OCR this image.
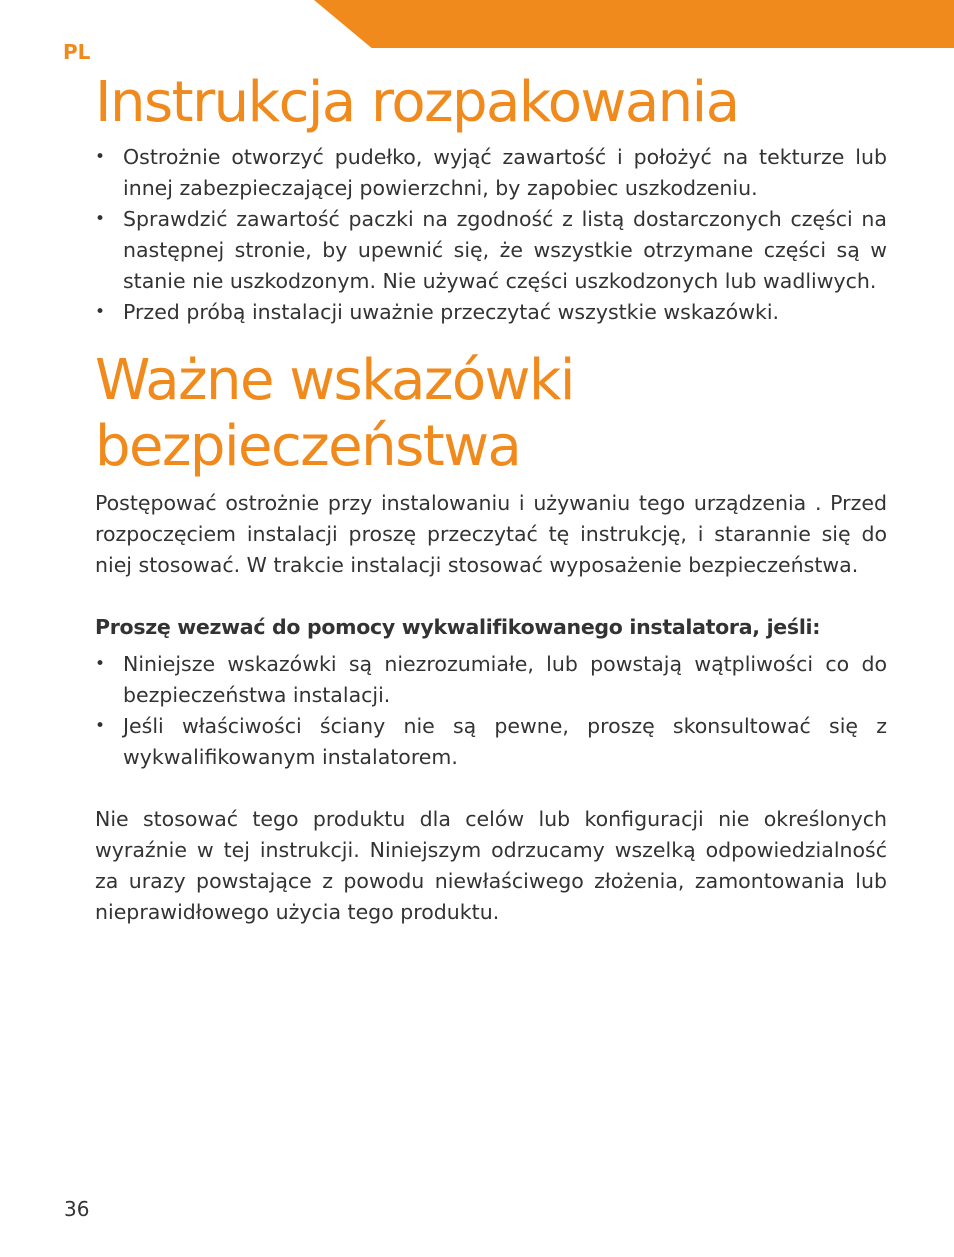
PL

Instrukcja rozpakowania
• Ostrożnie otworzyć pudełko, wyjąć zawartość i położyć na tekturze lub innej zabezpieczającej powierzchni, by zapobiec uszkodzeniu.
• Sprawdzić zawartość paczki na zgodność z listą dostarczonych części na następnej stronie, by upewnić się, że wszystkie otrzymane części są w stanie nie uszkodzonym. Nie używać części uszkodzonych lub wadliwych.
• Przed próbą instalacji uważnie przeczytać wszystkie wskazówki.
Ważne wskazówki
bezpieczeństwa

Postępować ostrożnie przy instalowaniu i używaniu tego urządzenia . Przed rozpoczęciem instalacji proszę przeczytać tę instrukcję, i starannie się do niej stosować. W trakcie instalacji stosować wyposażenie bezpieczeństwa.

Proszę wezwać do pomocy wykwalifikowanego instalatora, jeśli:

• Niniejsze wskazówki są niezrozumiałe, lub powstają wątpliwości co do bezpieczeństwa instalacji.
• Jeśli właściwości ściany nie są pewne, proszę skonsultować się z wykwalifikowanym instalatorem.

Nie stosować tego produktu dla celów lub konfiguracji nie określonych wyraźnie w tej instrukcji. Niniejszym odrzucamy wszelką odpowiedzialność za urazy powstające z powodu niewłaściwego złożenia, zamontowania lub nieprawidłowego użycia tego produktu.

36
